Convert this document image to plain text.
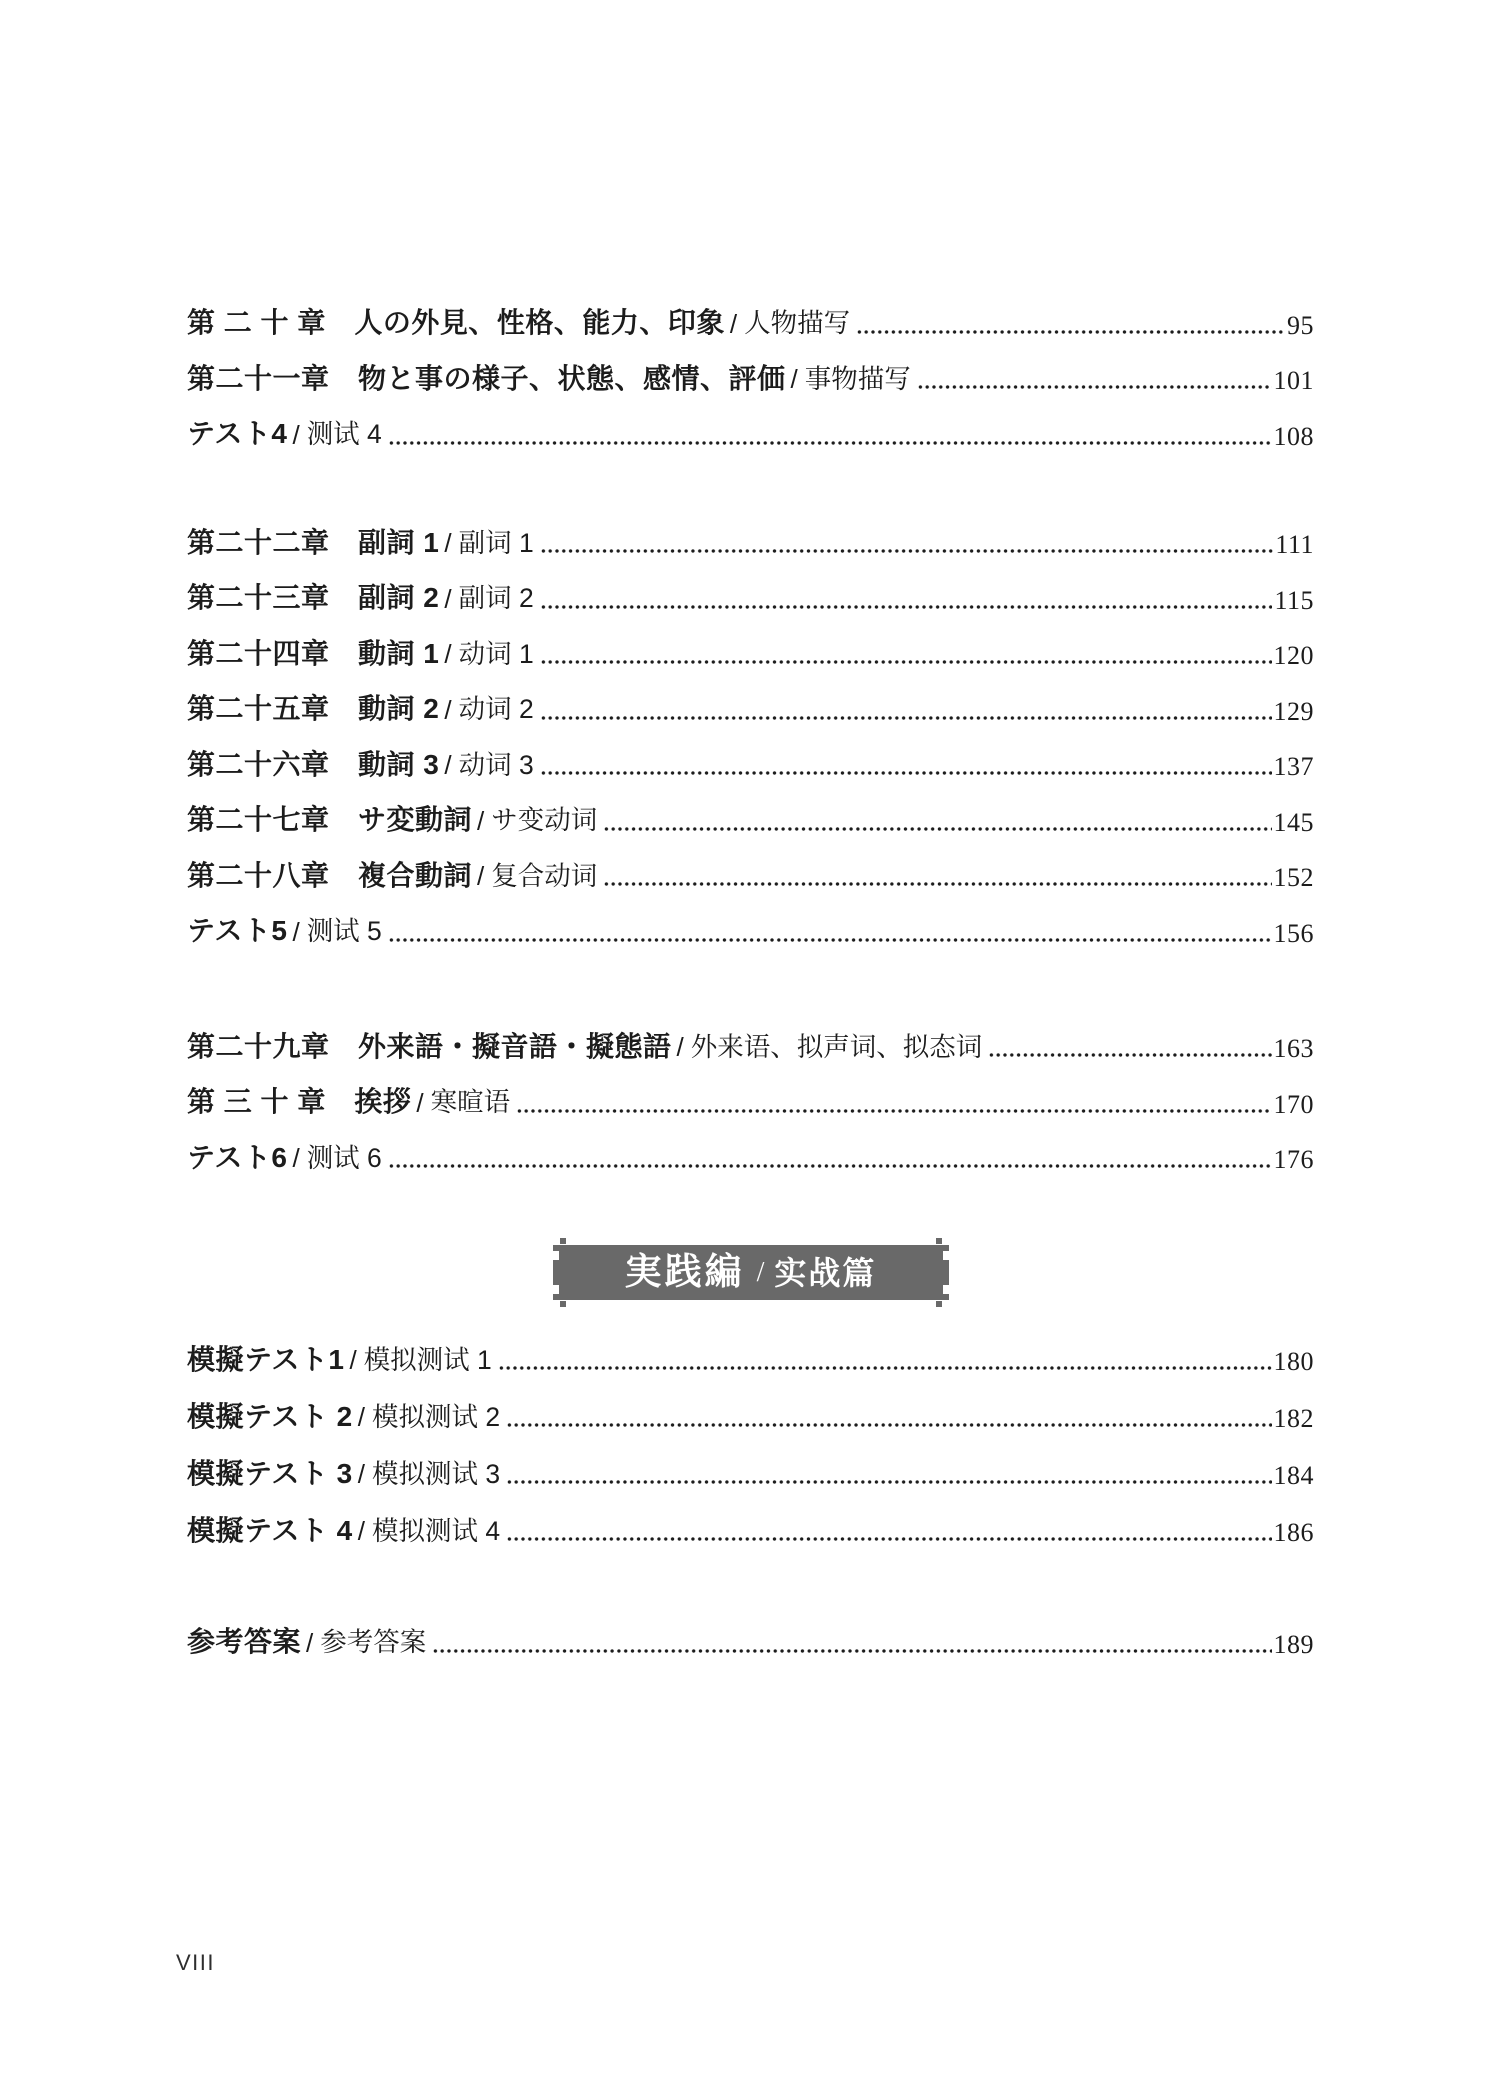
第 二 十 章　人の外見、性格、能力、印象 / 人物描写	95
第二十一章　物と事の様子、状態、感情、評価 / 事物描写	101
テスト4 / 测试 4	108
第二十二章　副詞 1 / 副词 1	111
第二十三章　副詞 2 / 副词 2	115
第二十四章　動詞 1 / 动词 1	120
第二十五章　動詞 2 / 动词 2	129
第二十六章　動詞 3 / 动词 3	137
第二十七章　サ変動詞 / サ变动词	145
第二十八章　複合動詞 / 复合动词	152
テスト5 / 测试 5	156
第二十九章　外来語・擬音語・擬態語 / 外来语、拟声词、拟态词	163
第 三 十 章　挨拶 / 寒暄语	170
テスト6 / 测试 6	176
実践編 / 实战篇
模擬テスト1 / 模拟测试 1	180
模擬テスト 2 / 模拟测试 2	182
模擬テスト 3 / 模拟测试 3	184
模擬テスト 4 / 模拟测试 4	186
参考答案 / 参考答案	189
VIII
